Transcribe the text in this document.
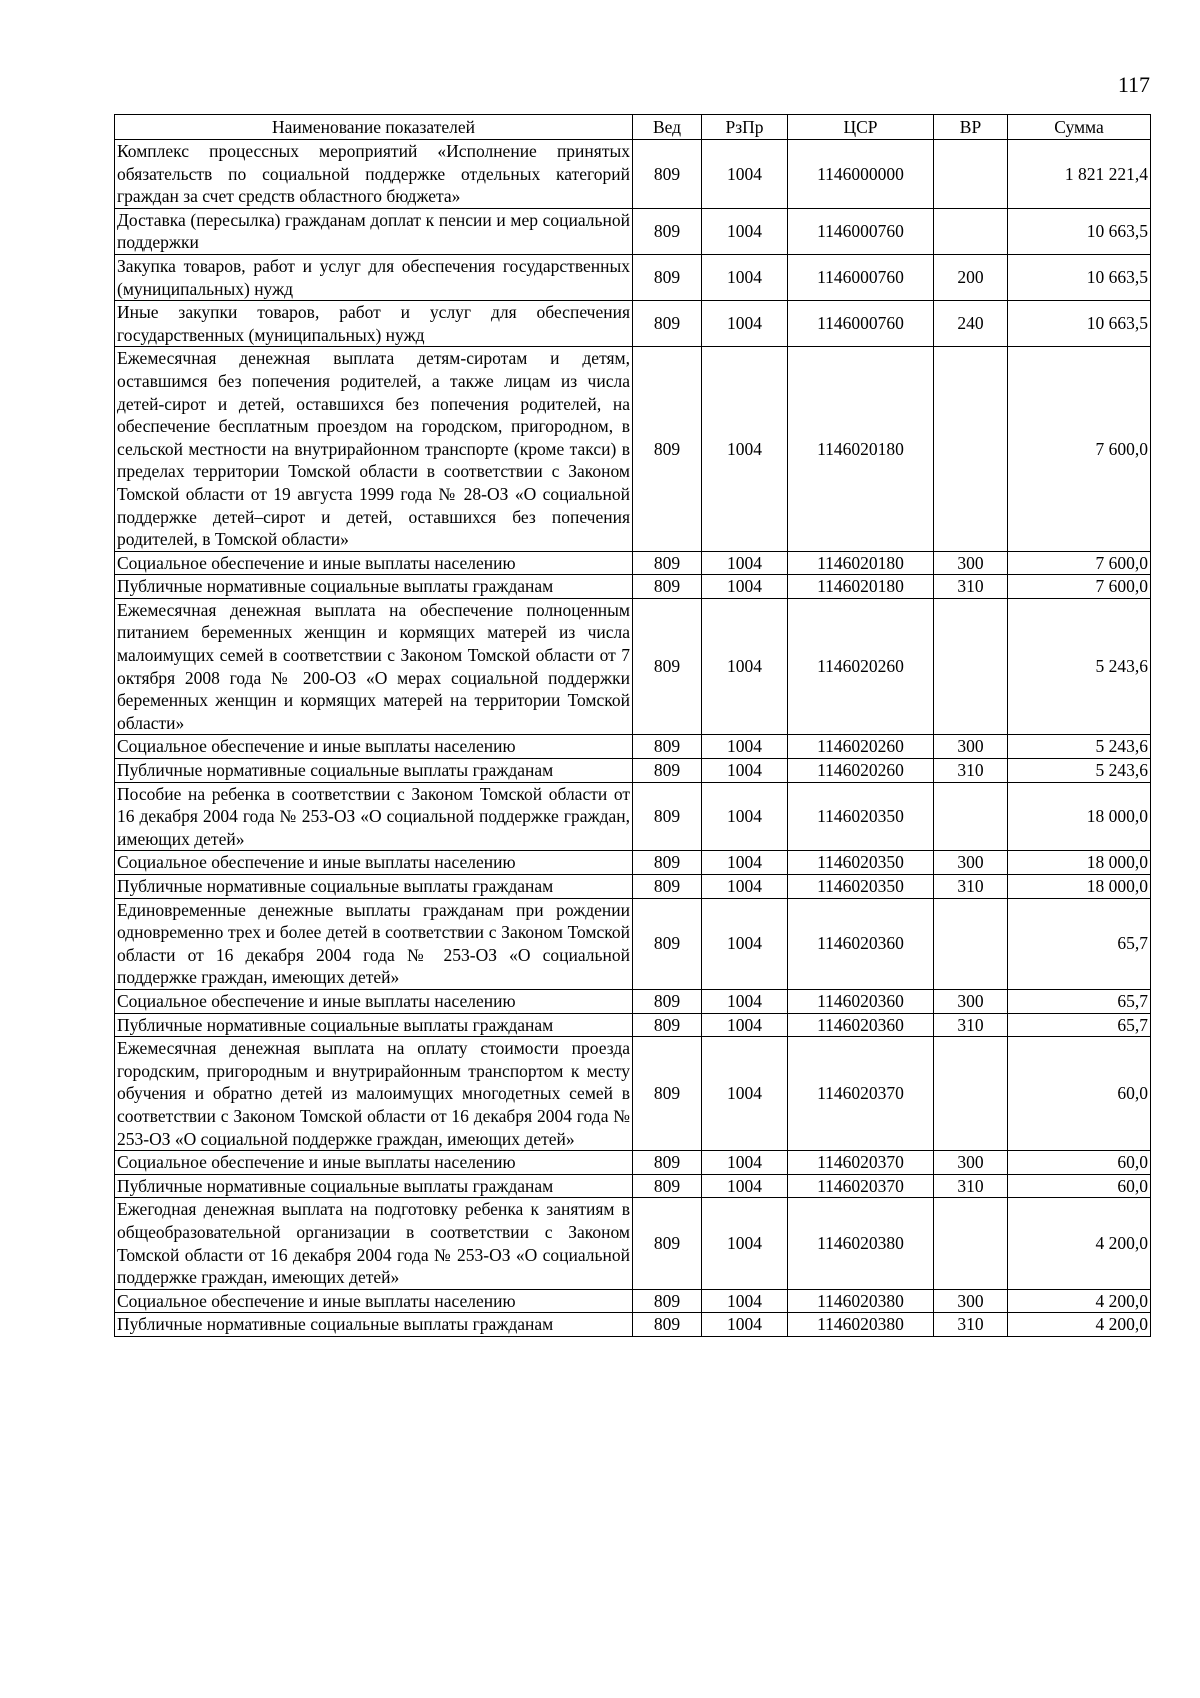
117
Наименование показателей	Вед	РзПр	ЦСР	ВР	Сумма
Комплекс процессных мероприятий «Исполнение принятых обязательств по социальной поддержке отдельных категорий граждан за счет средств областного бюджета»	809	1004	1146000000		1 821 221,4
Доставка (пересылка) гражданам доплат к пенсии и мер социальной поддержки	809	1004	1146000760		10 663,5
Закупка товаров, работ и услуг для обеспечения государственных (муниципальных) нужд	809	1004	1146000760	200	10 663,5
Иные закупки товаров, работ и услуг для обеспечения государственных (муниципальных) нужд	809	1004	1146000760	240	10 663,5
Ежемесячная денежная выплата детям-сиротам и детям, оставшимся без попечения родителей, а также лицам из числа детей-сирот и детей, оставшихся без попечения родителей, на обеспечение бесплатным проездом на городском, пригородном, в сельской местности на внутрирайонном транспорте (кроме такси) в пределах территории Томской области в соответствии с Законом Томской области от 19 августа 1999 года № 28-ОЗ «О социальной поддержке детей–сирот и детей, оставшихся без попечения родителей, в Томской области»	809	1004	1146020180		7 600,0
Социальное обеспечение и иные выплаты населению	809	1004	1146020180	300	7 600,0
Публичные нормативные социальные выплаты гражданам	809	1004	1146020180	310	7 600,0
Ежемесячная денежная выплата на обеспечение полноценным питанием беременных женщин и кормящих матерей из числа малоимущих семей в соответствии с Законом Томской области от 7 октября 2008 года № 200-ОЗ «О мерах социальной поддержки беременных женщин и кормящих матерей на территории Томской области»	809	1004	1146020260		5 243,6
Социальное обеспечение и иные выплаты населению	809	1004	1146020260	300	5 243,6
Публичные нормативные социальные выплаты гражданам	809	1004	1146020260	310	5 243,6
Пособие на ребенка в соответствии с Законом Томской области от 16 декабря 2004 года № 253-ОЗ «О социальной поддержке граждан, имеющих детей»	809	1004	1146020350		18 000,0
Социальное обеспечение и иные выплаты населению	809	1004	1146020350	300	18 000,0
Публичные нормативные социальные выплаты гражданам	809	1004	1146020350	310	18 000,0
Единовременные денежные выплаты гражданам при рождении одновременно трех и более детей в соответствии с Законом Томской области от 16 декабря 2004 года № 253-ОЗ «О социальной поддержке граждан, имеющих детей»	809	1004	1146020360		65,7
Социальное обеспечение и иные выплаты населению	809	1004	1146020360	300	65,7
Публичные нормативные социальные выплаты гражданам	809	1004	1146020360	310	65,7
Ежемесячная денежная выплата на оплату стоимости проезда городским, пригородным и внутрирайонным транспортом к месту обучения и обратно детей из малоимущих многодетных семей в соответствии с Законом Томской области от 16 декабря 2004 года № 253-ОЗ «О социальной поддержке граждан, имеющих детей»	809	1004	1146020370		60,0
Социальное обеспечение и иные выплаты населению	809	1004	1146020370	300	60,0
Публичные нормативные социальные выплаты гражданам	809	1004	1146020370	310	60,0
Ежегодная денежная выплата на подготовку ребенка к занятиям в общеобразовательной организации в соответствии с Законом Томской области от 16 декабря 2004 года № 253-ОЗ «О социальной поддержке граждан, имеющих детей»	809	1004	1146020380		4 200,0
Социальное обеспечение и иные выплаты населению	809	1004	1146020380	300	4 200,0
Публичные нормативные социальные выплаты гражданам	809	1004	1146020380	310	4 200,0
